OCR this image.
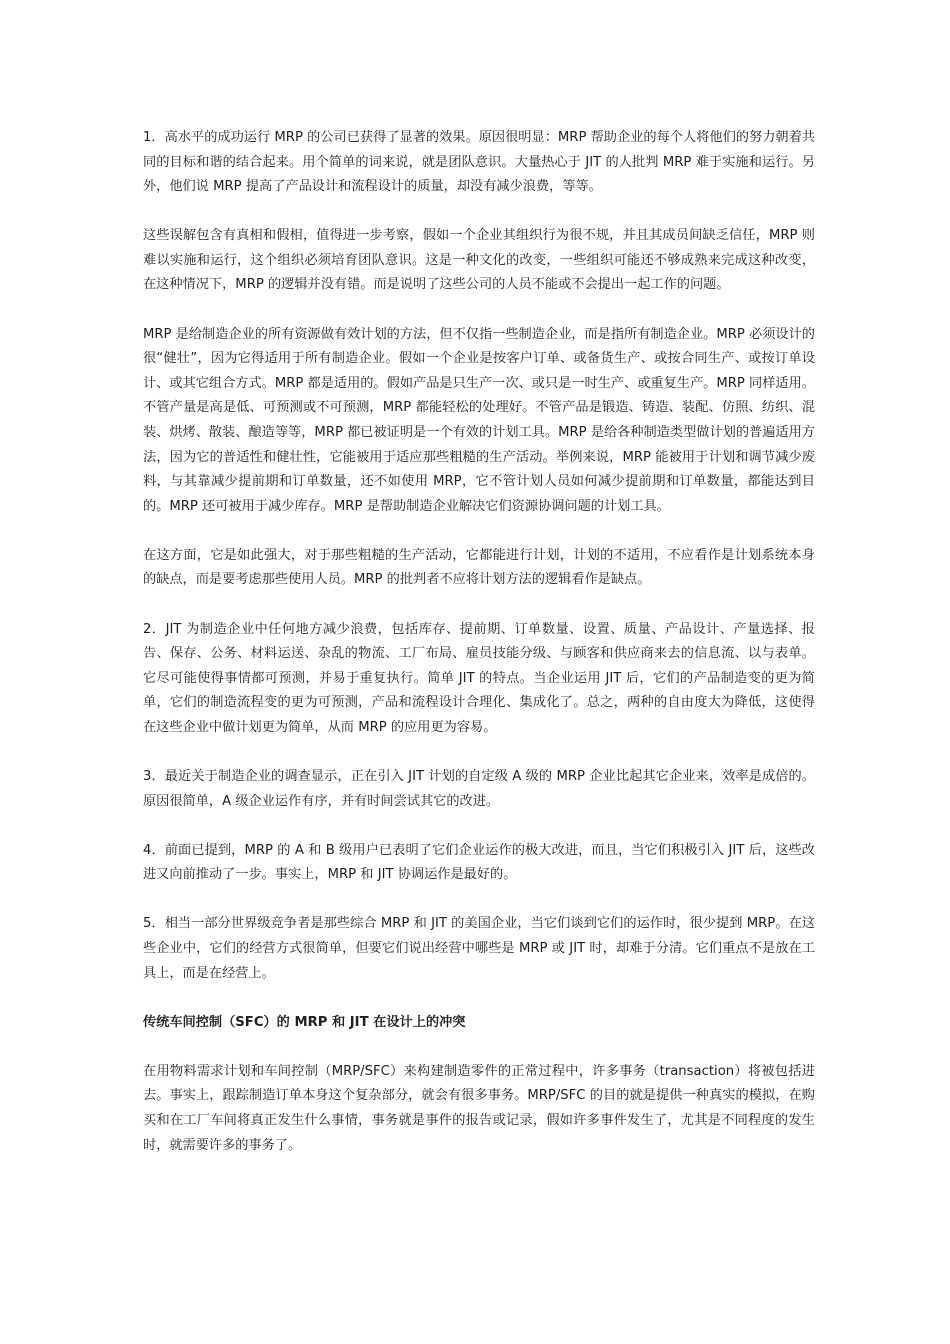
1．高水平的成功运行 MRP 的公司已获得了显著的效果。原因很明显：MRP 帮助企业的每个人将他们的努力朝着共同的目标和谐的结合起来。用个简单的词来说，就是团队意识。大量热心于 JIT 的人批判 MRP 难于实施和运行。另外，他们说 MRP 提高了产品设计和流程设计的质量，却没有减少浪费，等等。

这些误解包含有真相和假相，值得进一步考察，假如一个企业其组织行为很不规，并且其成员间缺乏信任，MRP 则难以实施和运行，这个组织必须培育团队意识。这是一种文化的改变，一些组织可能还不够成熟来完成这种改变，在这种情况下，MRP 的逻辑并没有错。而是说明了这些公司的人员不能或不会提出一起工作的问题。

MRP 是给制造企业的所有资源做有效计划的方法，但不仅指一些制造企业，而是指所有制造企业。MRP 必须设计的很“健壮”，因为它得适用于所有制造企业。假如一个企业是按客户订单、或备货生产、或按合同生产、或按订单设计、或其它组合方式。MRP 都是适用的。假如产品是只生产一次、或只是一时生产、或重复生产。MRP 同样适用。不管产量是高是低、可预测或不可预测，MRP 都能轻松的处理好。不管产品是锻造、铸造、装配、仿照、纺织、混装、烘烤、散装、酿造等等，MRP 都已被证明是一个有效的计划工具。MRP 是给各种制造类型做计划的普遍适用方法，因为它的普适性和健壮性，它能被用于适应那些粗糙的生产活动。举例来说，MRP 能被用于计划和调节减少废料，与其靠减少提前期和订单数量，还不如使用 MRP，它不管计划人员如何减少提前期和订单数量，都能达到目的。MRP 还可被用于减少库存。MRP 是帮助制造企业解决它们资源协调问题的计划工具。

在这方面，它是如此强大，对于那些粗糙的生产活动，它都能进行计划，计划的不适用，不应看作是计划系统本身的缺点，而是要考虑那些使用人员。MRP 的批判者不应将计划方法的逻辑看作是缺点。

2．JIT 为制造企业中任何地方减少浪费，包括库存、提前期、订单数量、设置、质量、产品设计、产量选择、报告、保存、公务、材料运送、杂乱的物流、工厂布局、雇员技能分级、与顾客和供应商来去的信息流、以与表单。它尽可能使得事情都可预测，并易于重复执行。简单 JIT 的特点。当企业运用 JIT 后，它们的产品制造变的更为简单，它们的制造流程变的更为可预测，产品和流程设计合理化、集成化了。总之，两种的自由度大为降低，这使得在这些企业中做计划更为简单，从而 MRP 的应用更为容易。

3．最近关于制造企业的调查显示，正在引入 JIT 计划的自定级 A 级的 MRP 企业比起其它企业来，效率是成倍的。原因很简单，A 级企业运作有序，并有时间尝试其它的改进。

4．前面已提到，MRP 的 A 和 B 级用户已表明了它们企业运作的极大改进，而且，当它们积极引入 JIT 后，这些改进又向前推动了一步。事实上，MRP 和 JIT 协调运作是最好的。

5．相当一部分世界级竞争者是那些综合 MRP 和 JIT 的美国企业，当它们谈到它们的运作时，很少提到 MRP。在这些企业中，它们的经营方式很简单，但要它们说出经营中哪些是 MRP 或 JIT 时，却难于分清。它们重点不是放在工具上，而是在经营上。

传统车间控制（SFC）的 MRP 和 JIT 在设计上的冲突

在用物料需求计划和车间控制（MRP/SFC）来构建制造零件的正常过程中，许多事务（transaction）将被包括进去。事实上，跟踪制造订单本身这个复杂部分，就会有很多事务。MRP/SFC 的目的就是提供一种真实的模拟，在购买和在工厂车间将真正发生什么事情，事务就是事件的报告或记录，假如许多事件发生了，尤其是不同程度的发生时，就需要许多的事务了。
